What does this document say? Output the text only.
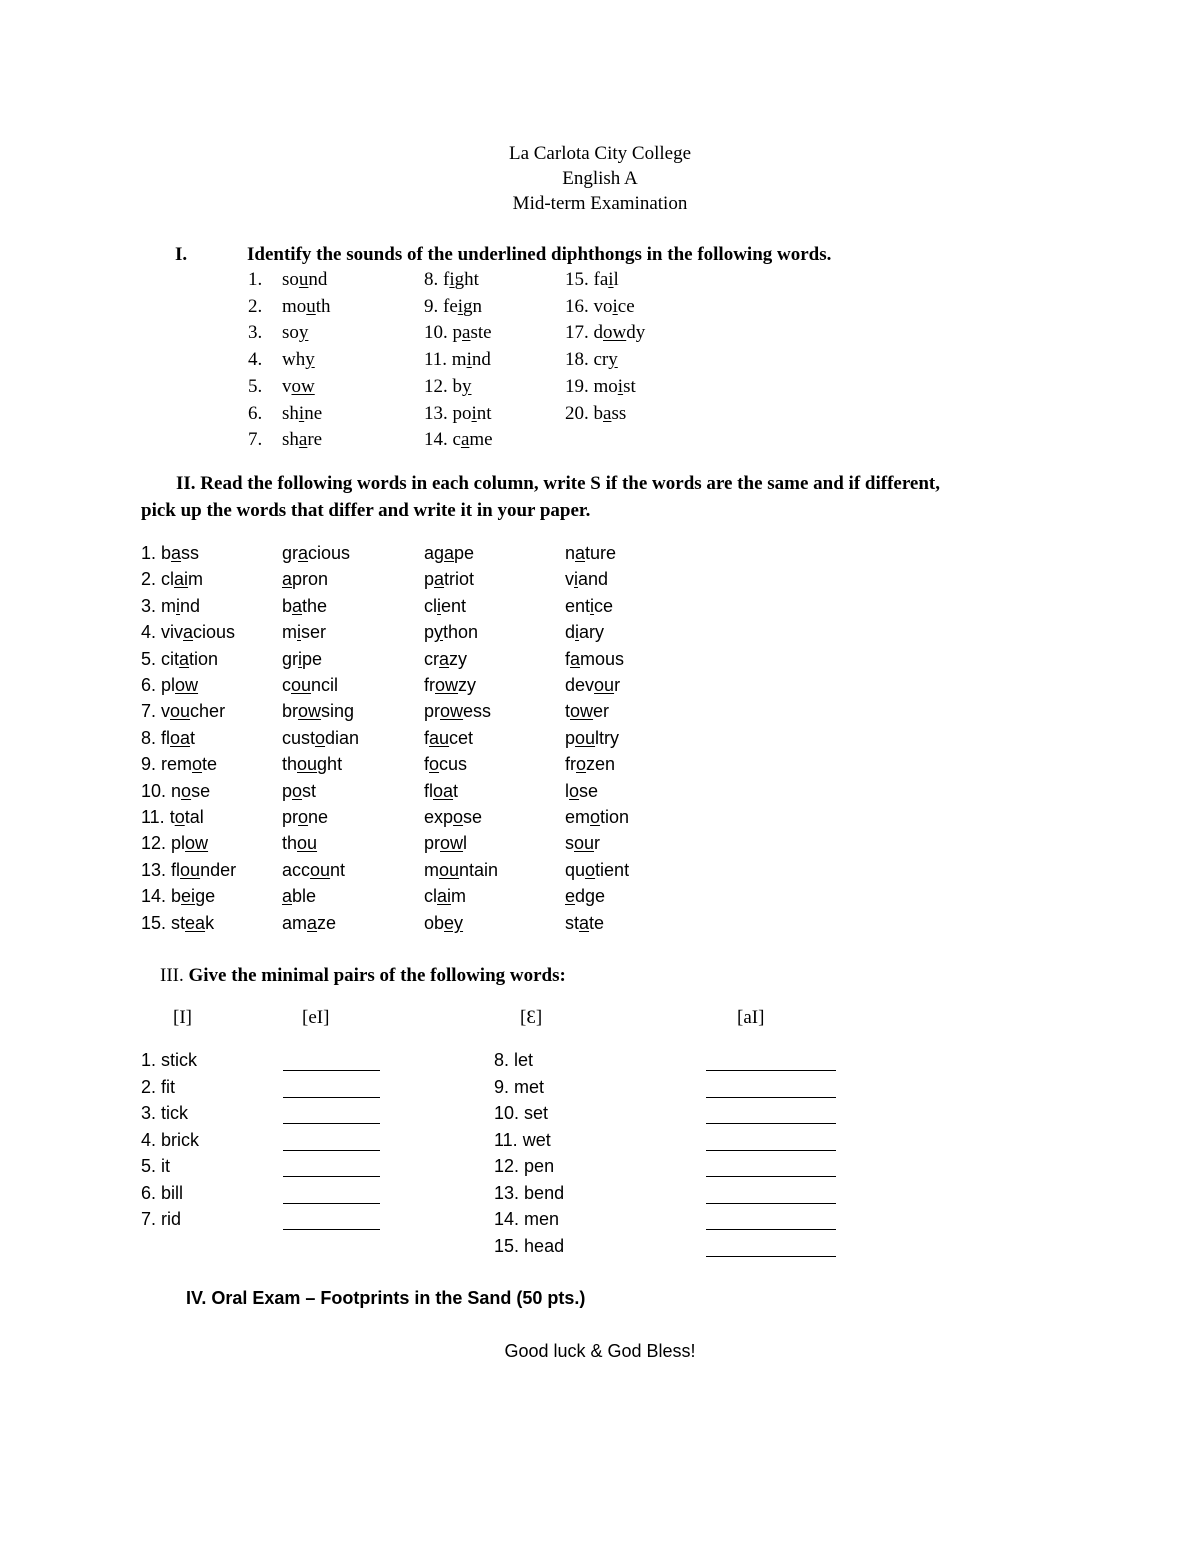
La Carlota City College
English A
Mid-term Examination
I.	Identify the sounds of the underlined diphthongs in the following words.
1. sound
2. mouth
3. soy
4. why
5. vow
6. shine
7. share
8. fight
9. feign
10. paste
11. mind
12. by
13. point
14. came
15. fail
16. voice
17. dowdy
18. cry
19. moist
20. bass
II. Read the following words in each column, write S if the words are the same and if different,
pick up the words that differ and write it in your paper.
1. bass	gracious	agape	nature
2. claim	apron	patriot	viand
3. mind	bathe	client	entice
4. vivacious	miser	python	diary
5. citation	gripe	crazy	famous
6. plow	council	frowzy	devour
7. voucher	browsing	prowess	tower
8. float	custodian	faucet	poultry
9. remote	thought	focus	frozen
10. nose	post	float	lose
11. total	prone	expose	emotion
12. plow	thou	prowl	sour
13. flounder	account	mountain	quotient
14. beige	able	claim	edge
15. steak	amaze	obey	state
III. Give the minimal pairs of the following words:
[I]	[eI]	[Ɛ]	[aI]
1. stick
2. fit
3. tick
4. brick
5. it
6. bill
7. rid
8. let
9. met
10. set
11. wet
12. pen
13. bend
14. men
15. head
IV. Oral Exam – Footprints in the Sand (50 pts.)
Good luck & God Bless!
